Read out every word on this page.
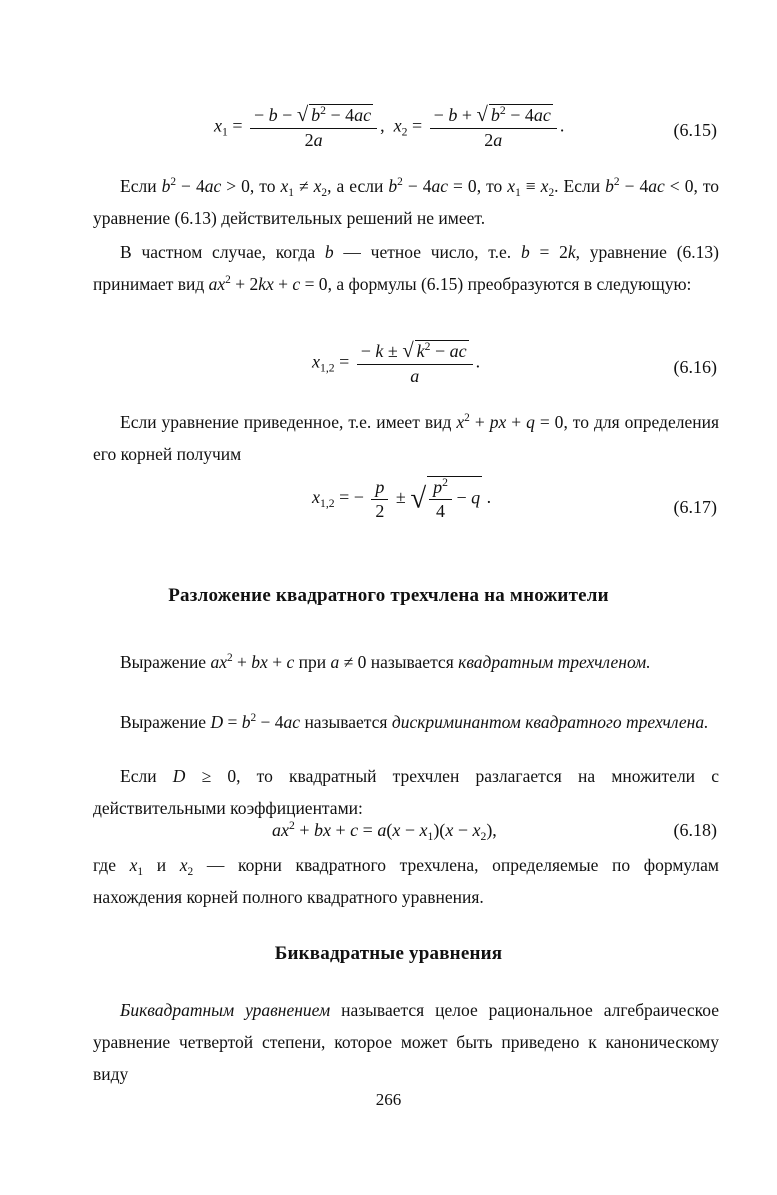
$x_1 = \frac{- b - √ b^2 - 4ac}{2a}$ ,  $x_2 = \frac{- b + √ b^2 - 4ac}{2a}$ .	(6.15)

Если $b^2 - 4ac > 0$, то $x_1 \ne x_2$, а если $b^2 - 4ac = 0$, то $x_1 \equiv x_2$. Если $b^2 - 4ac < 0$, то уравнение (6.13) действительных решений не имеет.

В частном случае, когда b — четное число, т.е. b = 2k, уравнение (6.13) принимает вид $ax^2 + 2kx + c = 0$, а формулы (6.15) преобразуются в следующую:

$x_{1,2} = \frac{- k \pm √ k^2 - ac}{a}$ .	(6.16)

Если уравнение приведенное, т.е. имеет вид $x^2$ + px + q = 0, то для определения его корней получим

$x_{1,2}$ = − $\frac{p}{2}$ ± √ $\frac{p^2}{4} - q$ .	(6.17)
Разложение квадратного трехчлена на множители

Выражение $ax^2$ + bx + c при a ≠ 0 называется квадратным трехчленом.

Выражение $D = b^2 - 4ac$ называется дискриминантом квадратного трехчлена.

Если D ≥ 0, то квадратный трехчлен разлагается на множители с действительными коэффициентами:

$ax^2$ + bx + $c = a(x - x_1)(x - x_2)$,	(6.18)

где $x_1$ и $x_2$ — корни квадратного трехчлена, определяемые по формулам нахождения корней полного квадратного уравнения.

Биквадратные уравнения

Биквадратным уравнением называется целое рациональное алгебраическое уравнение четвертой степени, которое может быть приведено к каноническому виду

266
